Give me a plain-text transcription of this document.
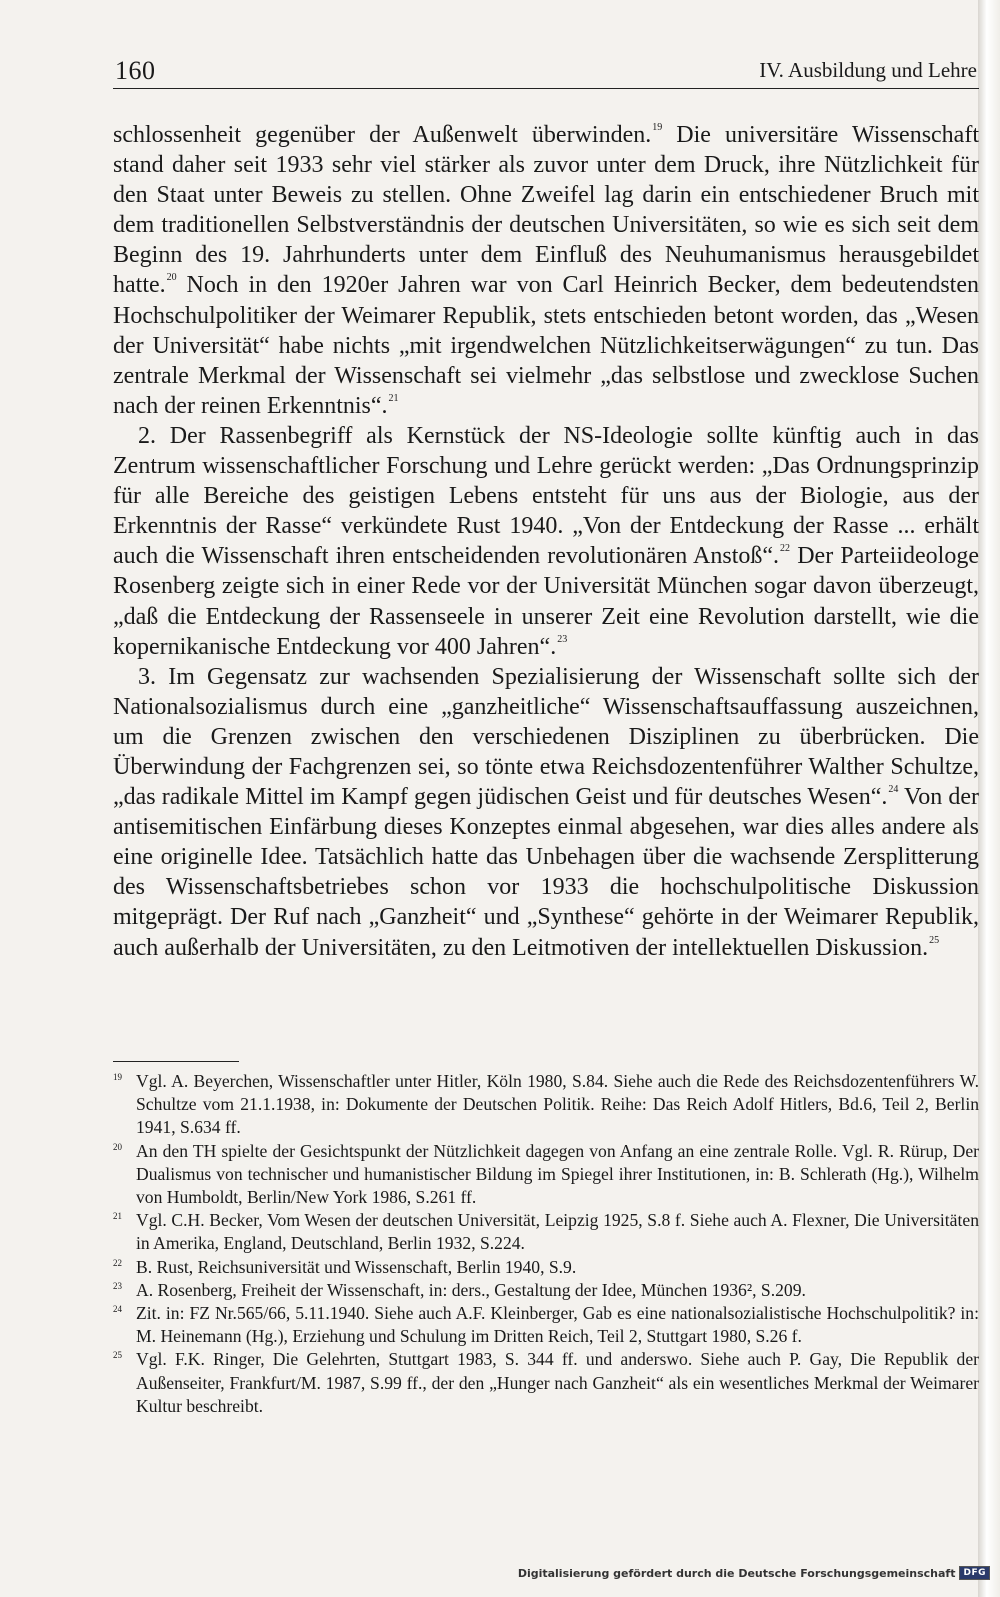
160	IV. Ausbildung und Lehre

schlossenheit gegenüber der Außenwelt überwinden.$^{19}$ Die universitäre Wissenschaft stand daher seit 1933 sehr viel stärker als zuvor unter dem Druck, ihre Nützlichkeit für den Staat unter Beweis zu stellen. Ohne Zweifel lag darin ein entschiedener Bruch mit dem traditionellen Selbstverständnis der deutschen Universitäten, so wie es sich seit dem Beginn des 19. Jahrhunderts unter dem Einfluß des Neuhumanismus herausgebildet hatte.$^{20}$ Noch in den 1920er Jahren war von Carl Heinrich Becker, dem bedeutendsten Hochschulpolitiker der Weimarer Republik, stets entschieden betont worden, das „Wesen der Universität“ habe nichts „mit irgendwelchen Nützlichkeitserwägungen“ zu tun. Das zentrale Merkmal der Wissenschaft sei vielmehr „das selbstlose und zwecklose Suchen nach der reinen Erkenntnis“.$^{21}$

2. Der Rassenbegriff als Kernstück der NS-Ideologie sollte künftig auch in das Zentrum wissenschaftlicher Forschung und Lehre gerückt werden: „Das Ordnungsprinzip für alle Bereiche des geistigen Lebens entsteht für uns aus der Biologie, aus der Erkenntnis der Rasse“ verkündete Rust 1940. „Von der Entdeckung der Rasse ... erhält auch die Wissenschaft ihren entscheidenden revolutionären Anstoß“.$^{22}$ Der Parteiideologe Rosenberg zeigte sich in einer Rede vor der Universität München sogar davon überzeugt, „daß die Entdeckung der Rassenseele in unserer Zeit eine Revolution darstellt, wie die kopernikanische Entdeckung vor 400 Jahren“.$^{23}$

3. Im Gegensatz zur wachsenden Spezialisierung der Wissenschaft sollte sich der Nationalsozialismus durch eine „ganzheitliche“ Wissenschaftsauffassung auszeichnen, um die Grenzen zwischen den verschiedenen Disziplinen zu überbrücken. Die Überwindung der Fachgrenzen sei, so tönte etwa Reichsdozentenführer Walther Schultze, „das radikale Mittel im Kampf gegen jüdischen Geist und für deutsches Wesen“.$^{24}$ Von der antisemitischen Einfärbung dieses Konzeptes einmal abgesehen, war dies alles andere als eine originelle Idee. Tatsächlich hatte das Unbehagen über die wachsende Zersplitterung des Wissenschaftsbetriebes schon vor 1933 die hochschulpolitische Diskussion mitgeprägt. Der Ruf nach „Ganzheit“ und „Synthese“ gehörte in der Weimarer Republik, auch außerhalb der Universitäten, zu den Leitmotiven der intellektuellen Diskussion.$^{25}$

19 Vgl. A. Beyerchen, Wissenschaftler unter Hitler, Köln 1980, S.84. Siehe auch die Rede des Reichsdozentenführers W. Schultze vom 21.1.1938, in: Dokumente der Deutschen Politik. Reihe: Das Reich Adolf Hitlers, Bd.6, Teil 2, Berlin 1941, S.634 ff.
20 An den TH spielte der Gesichtspunkt der Nützlichkeit dagegen von Anfang an eine zentrale Rolle. Vgl. R. Rürup, Der Dualismus von technischer und humanistischer Bildung im Spiegel ihrer Institutionen, in: B. Schlerath (Hg.), Wilhelm von Humboldt, Berlin/New York 1986, S.261 ff.
21 Vgl. C.H. Becker, Vom Wesen der deutschen Universität, Leipzig 1925, S.8 f. Siehe auch A. Flexner, Die Universitäten in Amerika, England, Deutschland, Berlin 1932, S.224.
22 B. Rust, Reichsuniversität und Wissenschaft, Berlin 1940, S.9.
23 A. Rosenberg, Freiheit der Wissenschaft, in: ders., Gestaltung der Idee, München 1936², S.209.
24 Zit. in: FZ Nr.565/66, 5.11.1940. Siehe auch A.F. Kleinberger, Gab es eine nationalsozialistische Hochschulpolitik? in: M. Heinemann (Hg.), Erziehung und Schulung im Dritten Reich, Teil 2, Stuttgart 1980, S.26 f.
25 Vgl. F.K. Ringer, Die Gelehrten, Stuttgart 1983, S. 344 ff. und anderswo. Siehe auch P. Gay, Die Republik der Außenseiter, Frankfurt/M. 1987, S.99 ff., der den „Hunger nach Ganzheit“ als ein wesentliches Merkmal der Weimarer Kultur beschreibt.
Digitalisierung gefördert durch die Deutsche Forschungsgemeinschaft DFG
